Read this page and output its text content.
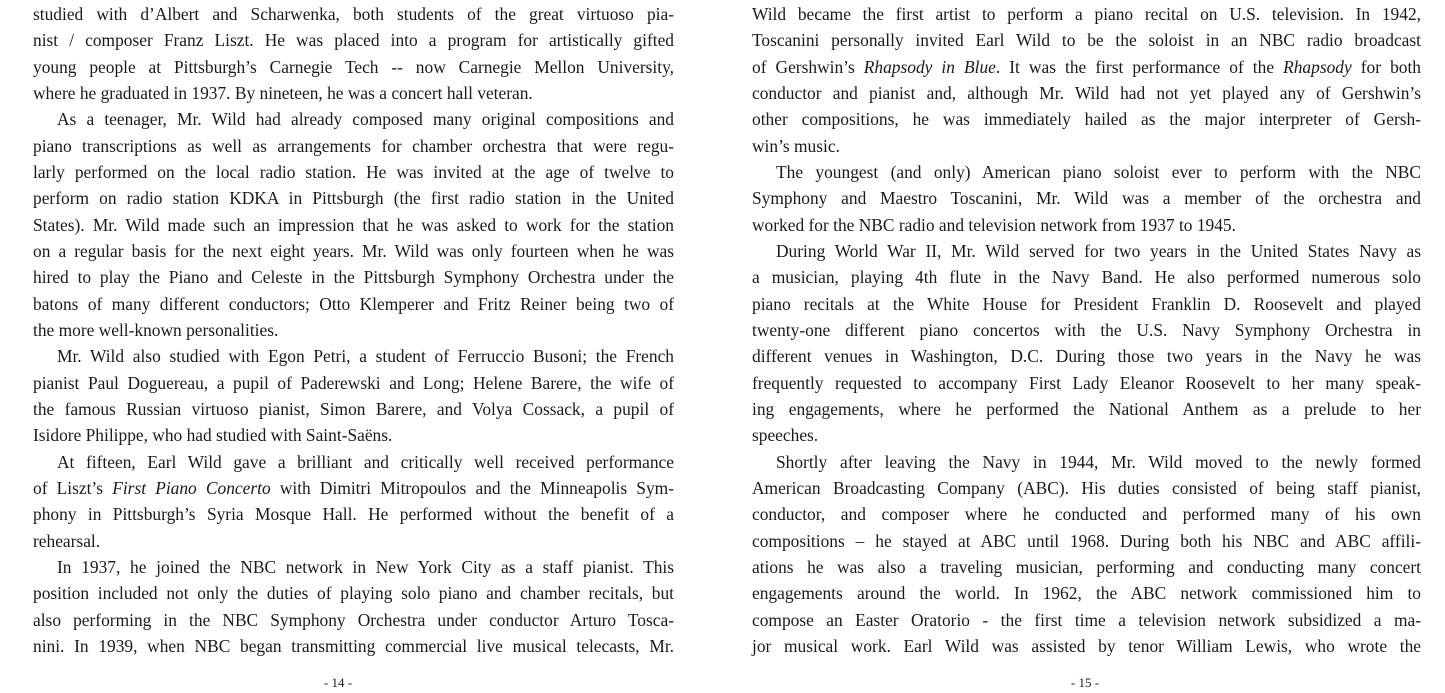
studied with d’Albert and Scharwenka, both students of the great virtuoso pia-
nist / composer Franz Liszt. He was placed into a program for artistically gifted
young people at Pittsburgh’s Carnegie Tech -- now Carnegie Mellon University,
where he graduated in 1937. By nineteen, he was a concert hall veteran.
As a teenager, Mr. Wild had already composed many original compositions and
piano transcriptions as well as arrangements for chamber orchestra that were regu-
larly performed on the local radio station. He was invited at the age of twelve to
perform on radio station KDKA in Pittsburgh (the first radio station in the United
States). Mr. Wild made such an impression that he was asked to work for the station
on a regular basis for the next eight years. Mr. Wild was only fourteen when he was
hired to play the Piano and Celeste in the Pittsburgh Symphony Orchestra under the
batons of many different conductors; Otto Klemperer and Fritz Reiner being two of
the more well-known personalities.
Mr. Wild also studied with Egon Petri, a student of Ferruccio Busoni; the French
pianist Paul Doguereau, a pupil of Paderewski and Long; Helene Barere, the wife of
the famous Russian virtuoso pianist, Simon Barere, and Volya Cossack, a pupil of
Isidore Philippe, who had studied with Saint-Saëns.
At fifteen, Earl Wild gave a brilliant and critically well received performance
of Liszt’s First Piano Concerto with Dimitri Mitropoulos and the Minneapolis Sym-
phony in Pittsburgh’s Syria Mosque Hall. He performed without the benefit of a
rehearsal.
In 1937, he joined the NBC network in New York City as a staff pianist. This
position included not only the duties of playing solo piano and chamber recitals, but
also performing in the NBC Symphony Orchestra under conductor Arturo Tosca-
nini. In 1939, when NBC began transmitting commercial live musical telecasts, Mr.
Wild became the first artist to perform a piano recital on U.S. television. In 1942,
Toscanini personally invited Earl Wild to be the soloist in an NBC radio broadcast
of Gershwin’s Rhapsody in Blue. It was the first performance of the Rhapsody for both
conductor and pianist and, although Mr. Wild had not yet played any of Gershwin’s
other compositions, he was immediately hailed as the major interpreter of Gersh-
win’s music.
The youngest (and only) American piano soloist ever to perform with the NBC
Symphony and Maestro Toscanini, Mr. Wild was a member of the orchestra and
worked for the NBC radio and television network from 1937 to 1945.
During World War II, Mr. Wild served for two years in the United States Navy as
a musician, playing 4th flute in the Navy Band. He also performed numerous solo
piano recitals at the White House for President Franklin D. Roosevelt and played
twenty-one different piano concertos with the U.S. Navy Symphony Orchestra in
different venues in Washington, D.C. During those two years in the Navy he was
frequently requested to accompany First Lady Eleanor Roosevelt to her many speak-
ing engagements, where he performed the National Anthem as a prelude to her
speeches.
Shortly after leaving the Navy in 1944, Mr. Wild moved to the newly formed
American Broadcasting Company (ABC). His duties consisted of being staff pianist,
conductor, and composer where he conducted and performed many of his own
compositions – he stayed at ABC until 1968. During both his NBC and ABC affili-
ations he was also a traveling musician, performing and conducting many concert
engagements around the world. In 1962, the ABC network commissioned him to
compose an Easter Oratorio - the first time a television network subsidized a ma-
jor musical work. Earl Wild was assisted by tenor William Lewis, who wrote the
- 14 -	- 15 -
